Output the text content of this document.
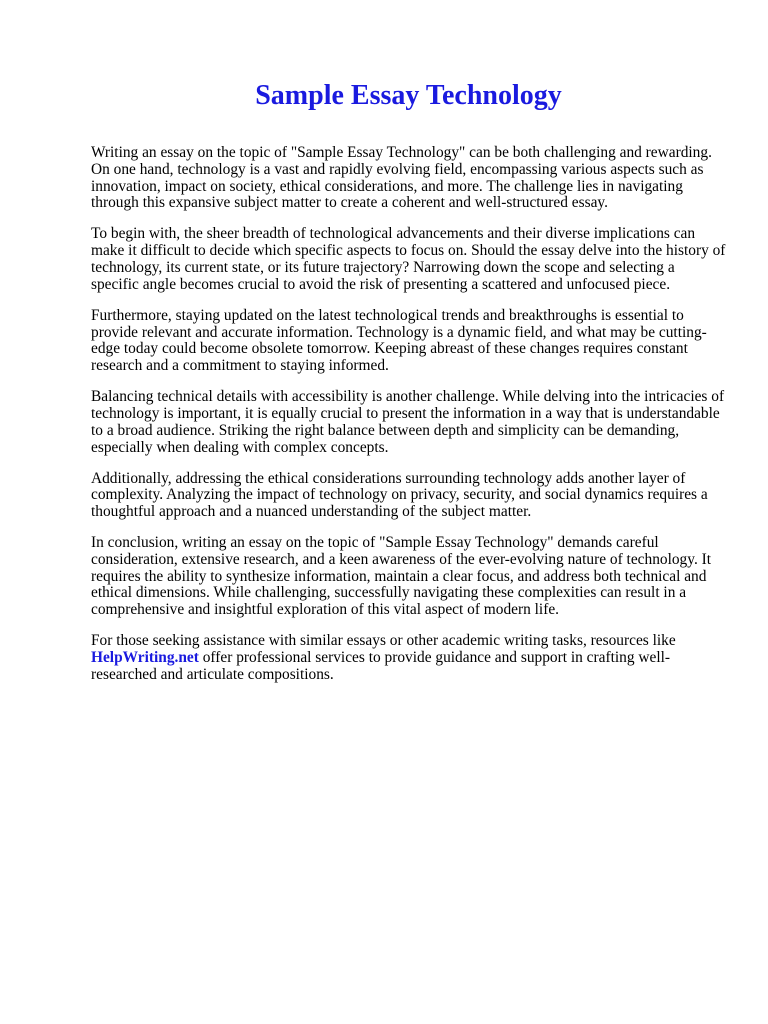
Sample Essay Technology

Writing an essay on the topic of "Sample Essay Technology" can be both challenging and rewarding. On one hand, technology is a vast and rapidly evolving field, encompassing various aspects such as innovation, impact on society, ethical considerations, and more. The challenge lies in navigating through this expansive subject matter to create a coherent and well-structured essay.

To begin with, the sheer breadth of technological advancements and their diverse implications can make it difficult to decide which specific aspects to focus on. Should the essay delve into the history of technology, its current state, or its future trajectory? Narrowing down the scope and selecting a specific angle becomes crucial to avoid the risk of presenting a scattered and unfocused piece.

Furthermore, staying updated on the latest technological trends and breakthroughs is essential to provide relevant and accurate information. Technology is a dynamic field, and what may be cutting-edge today could become obsolete tomorrow. Keeping abreast of these changes requires constant research and a commitment to staying informed.

Balancing technical details with accessibility is another challenge. While delving into the intricacies of technology is important, it is equally crucial to present the information in a way that is understandable to a broad audience. Striking the right balance between depth and simplicity can be demanding, especially when dealing with complex concepts.

Additionally, addressing the ethical considerations surrounding technology adds another layer of complexity. Analyzing the impact of technology on privacy, security, and social dynamics requires a thoughtful approach and a nuanced understanding of the subject matter.

In conclusion, writing an essay on the topic of "Sample Essay Technology" demands careful consideration, extensive research, and a keen awareness of the ever-evolving nature of technology. It requires the ability to synthesize information, maintain a clear focus, and address both technical and ethical dimensions. While challenging, successfully navigating these complexities can result in a comprehensive and insightful exploration of this vital aspect of modern life.

For those seeking assistance with similar essays or other academic writing tasks, resources like HelpWriting.net offer professional services to provide guidance and support in crafting well-researched and articulate compositions.
